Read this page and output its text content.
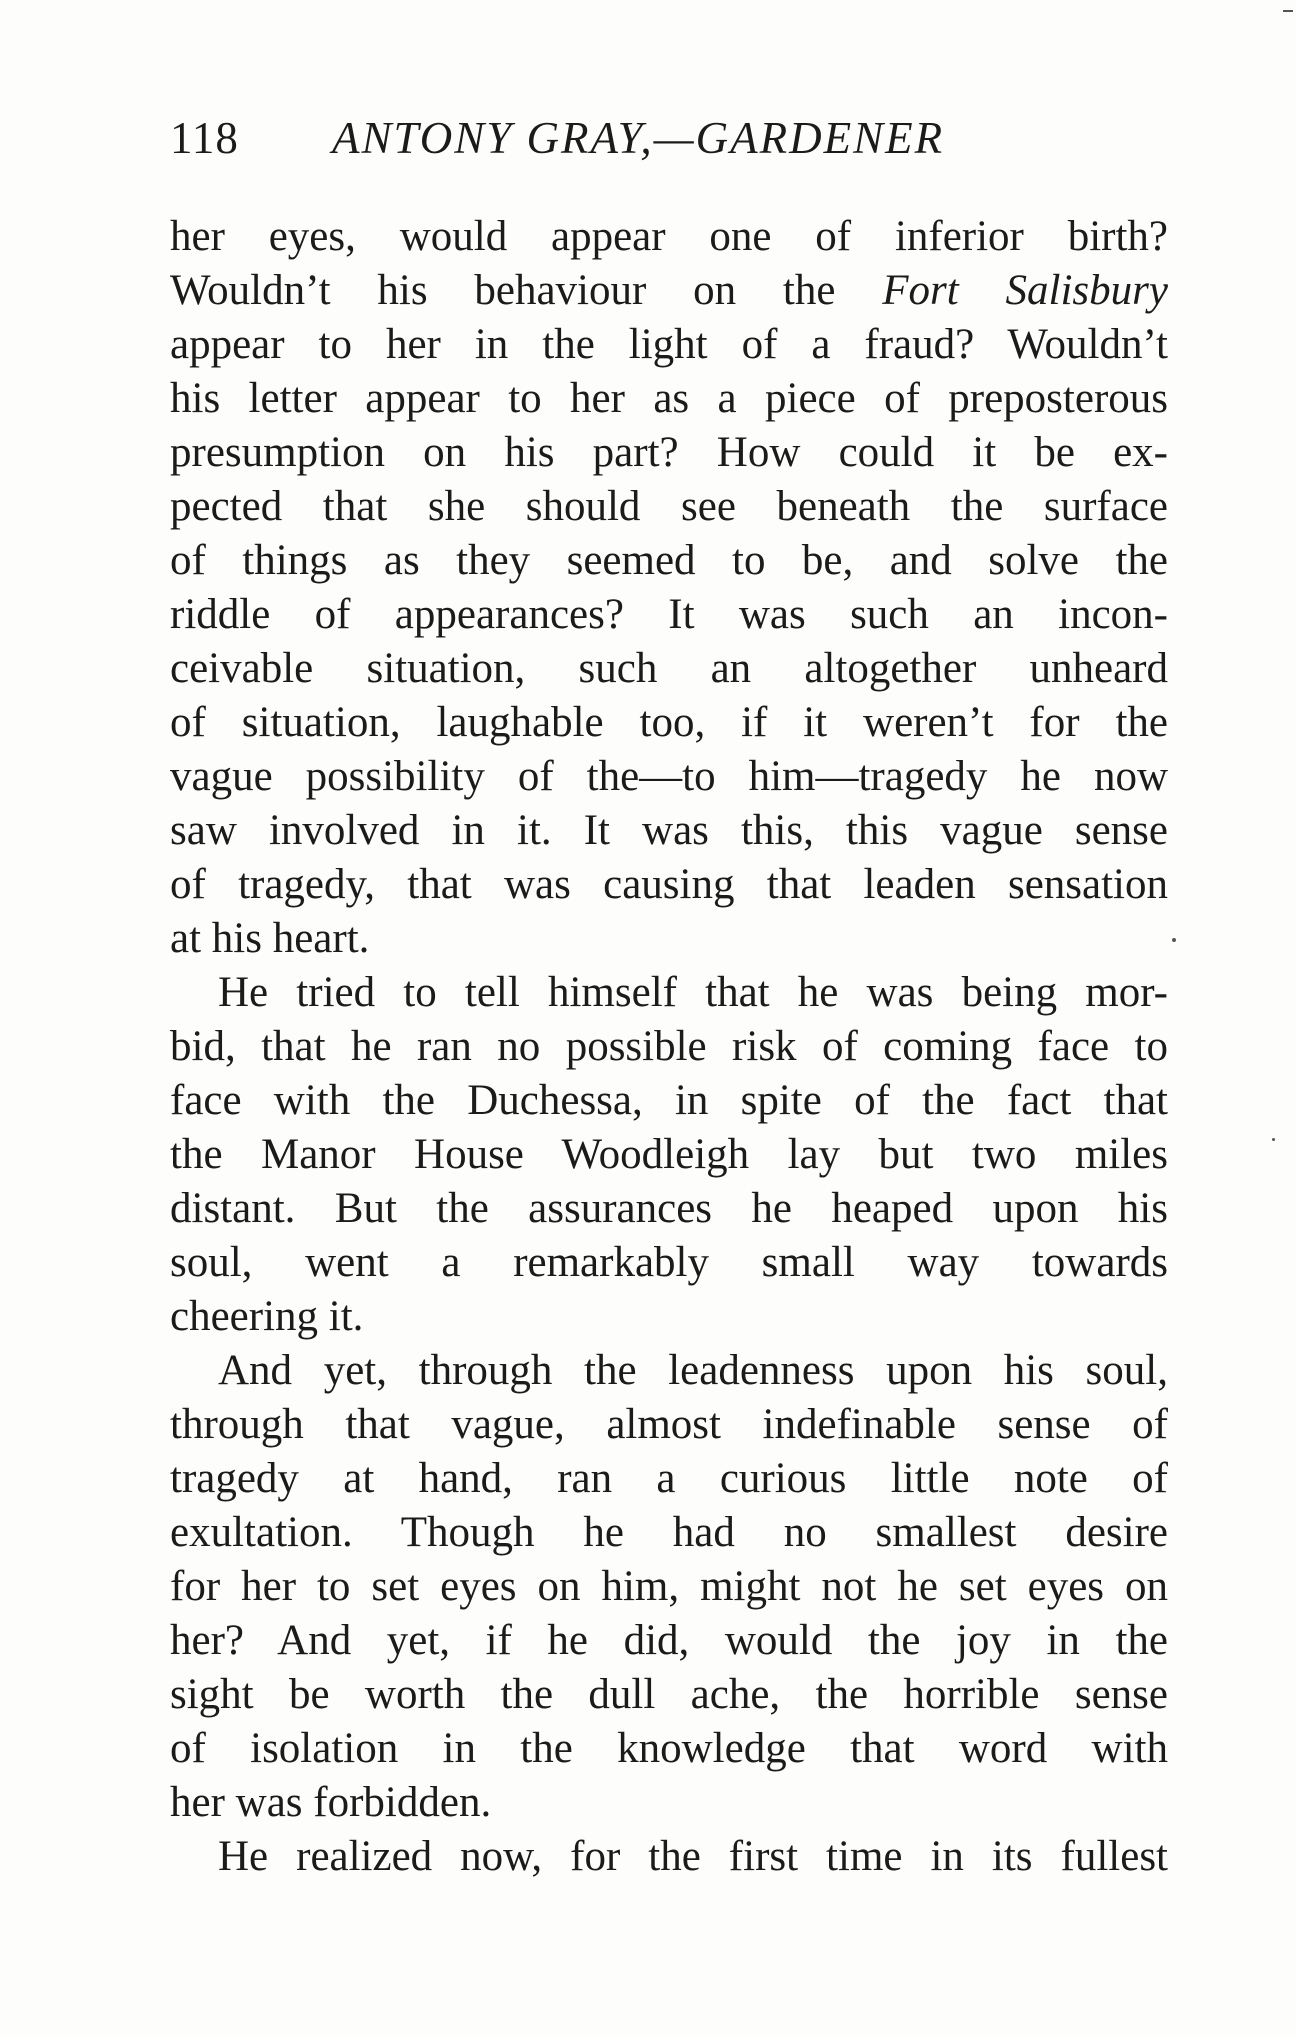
118 ANTONY GRAY,—GARDENER
her eyes, would appear one of inferior birth?
Wouldn’t his behaviour on the Fort Salisbury
appear to her in the light of a fraud? Wouldn’t
his letter appear to her as a piece of preposterous
presumption on his part? How could it be ex-
pected that she should see beneath the surface
of things as they seemed to be, and solve the
riddle of appearances? It was such an incon-
ceivable situation, such an altogether unheard
of situation, laughable too, if it weren’t for the
vague possibility of the—to him—tragedy he now
saw involved in it. It was this, this vague sense
of tragedy, that was causing that leaden sensation
at his heart.
He tried to tell himself that he was being mor-
bid, that he ran no possible risk of coming face to
face with the Duchessa, in spite of the fact that
the Manor House Woodleigh lay but two miles
distant. But the assurances he heaped upon his
soul, went a remarkably small way towards
cheering it.
And yet, through the leadenness upon his soul,
through that vague, almost indefinable sense of
tragedy at hand, ran a curious little note of
exultation. Though he had no smallest desire
for her to set eyes on him, might not he set eyes on
her? And yet, if he did, would the joy in the
sight be worth the dull ache, the horrible sense
of isolation in the knowledge that word with
her was forbidden.
He realized now, for the first time in its fullest
